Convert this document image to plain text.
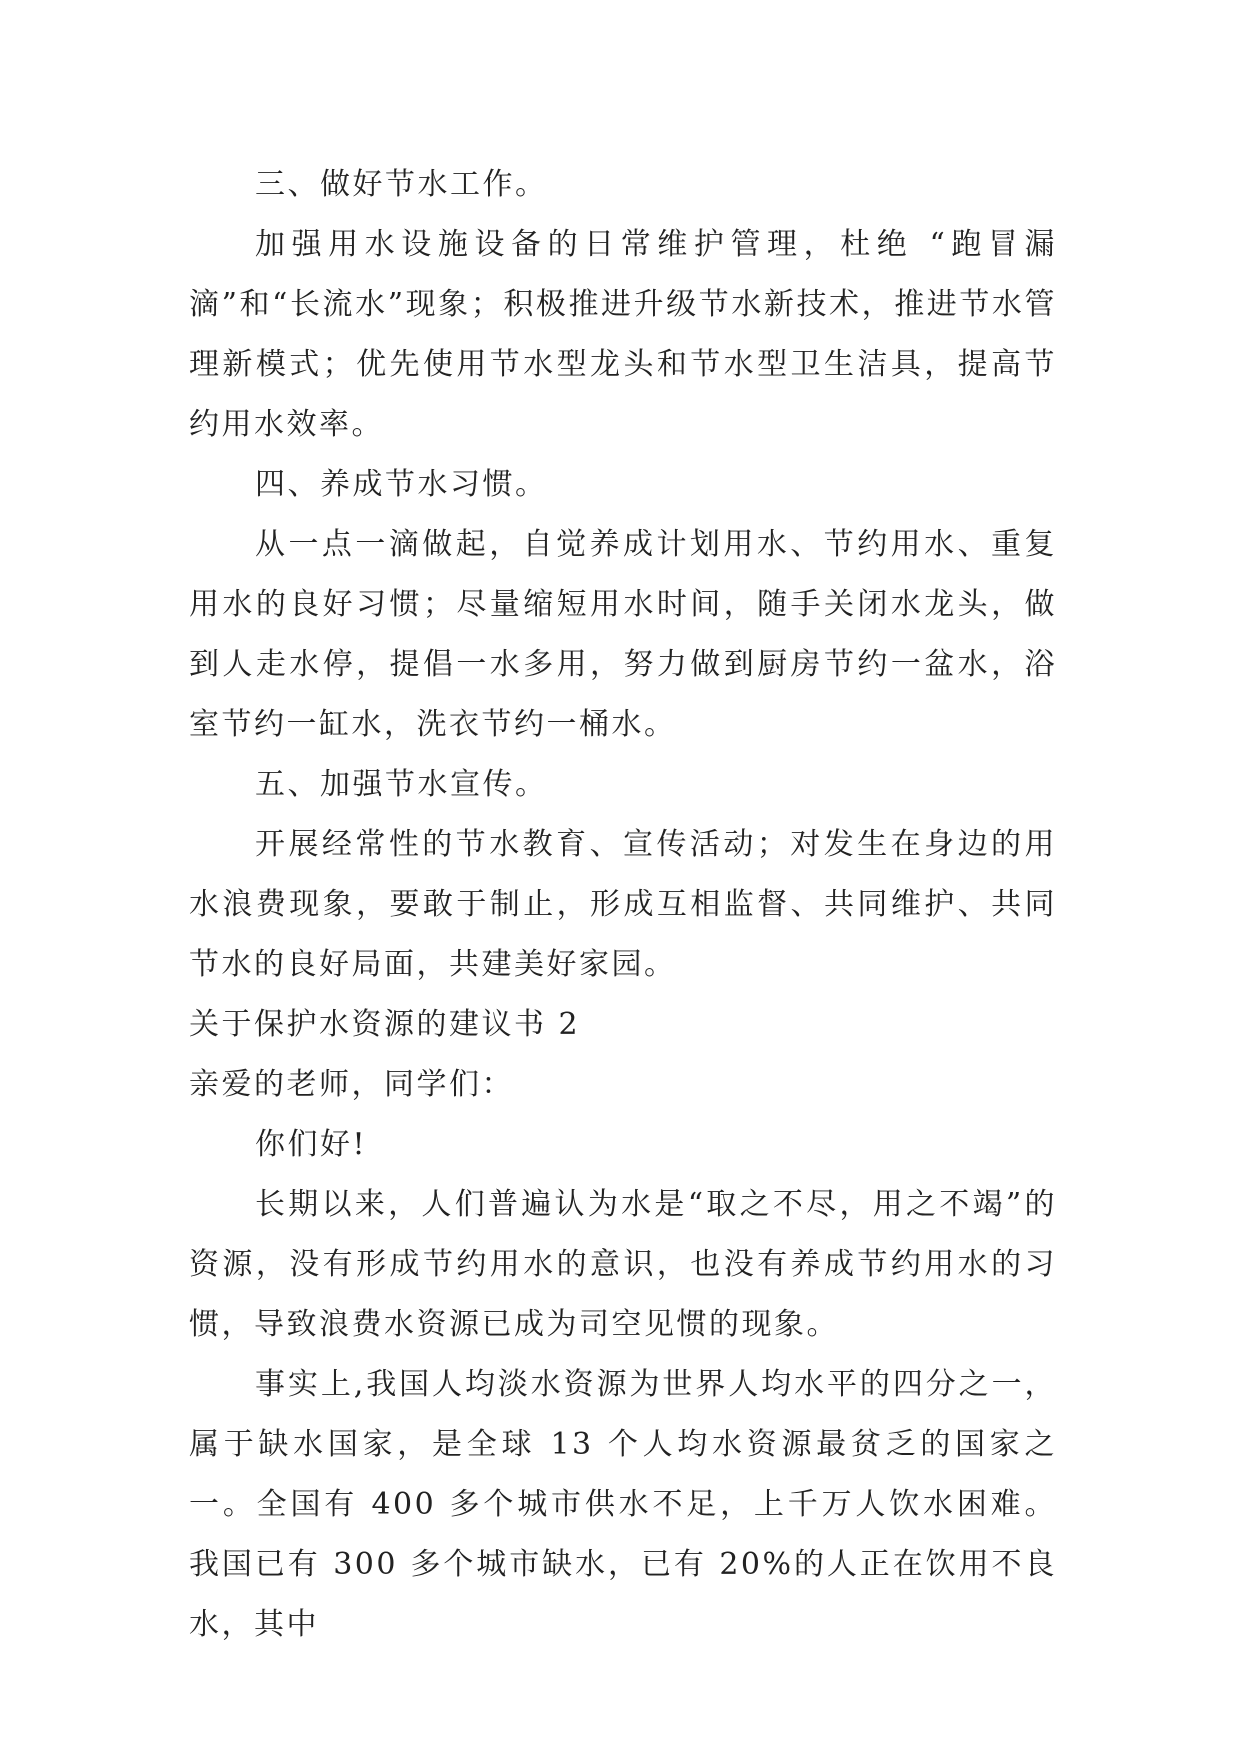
三、做好节水工作。

加强用水设施设备的日常维护管理，杜绝 “跑冒漏滴”和“长流水”现象；积极推进升级节水新技术，推进节水管理新模式；优先使用节水型龙头和节水型卫生洁具，提高节约用水效率。

四、养成节水习惯。

从一点一滴做起，自觉养成计划用水、节约用水、重复用水的良好习惯；尽量缩短用水时间，随手关闭水龙头，做到人走水停，提倡一水多用，努力做到厨房节约一盆水，浴室节约一缸水，洗衣节约一桶水。

五、加强节水宣传。

开展经常性的节水教育、宣传活动；对发生在身边的用水浪费现象，要敢于制止，形成互相监督、共同维护、共同节水的良好局面，共建美好家园。

关于保护水资源的建议书 2

亲爱的老师，同学们：

你们好!

长期以来，人们普遍认为水是“取之不尽，用之不竭”的资源，没有形成节约用水的意识，也没有养成节约用水的习惯，导致浪费水资源已成为司空见惯的现象。

事实上,我国人均淡水资源为世界人均水平的四分之一，属于缺水国家，是全球 13 个人均水资源最贫乏的国家之一。全国有 400 多个城市供水不足，上千万人饮水困难。我国已有 300 多个城市缺水，已有 20%的人正在饮用不良水，其中
